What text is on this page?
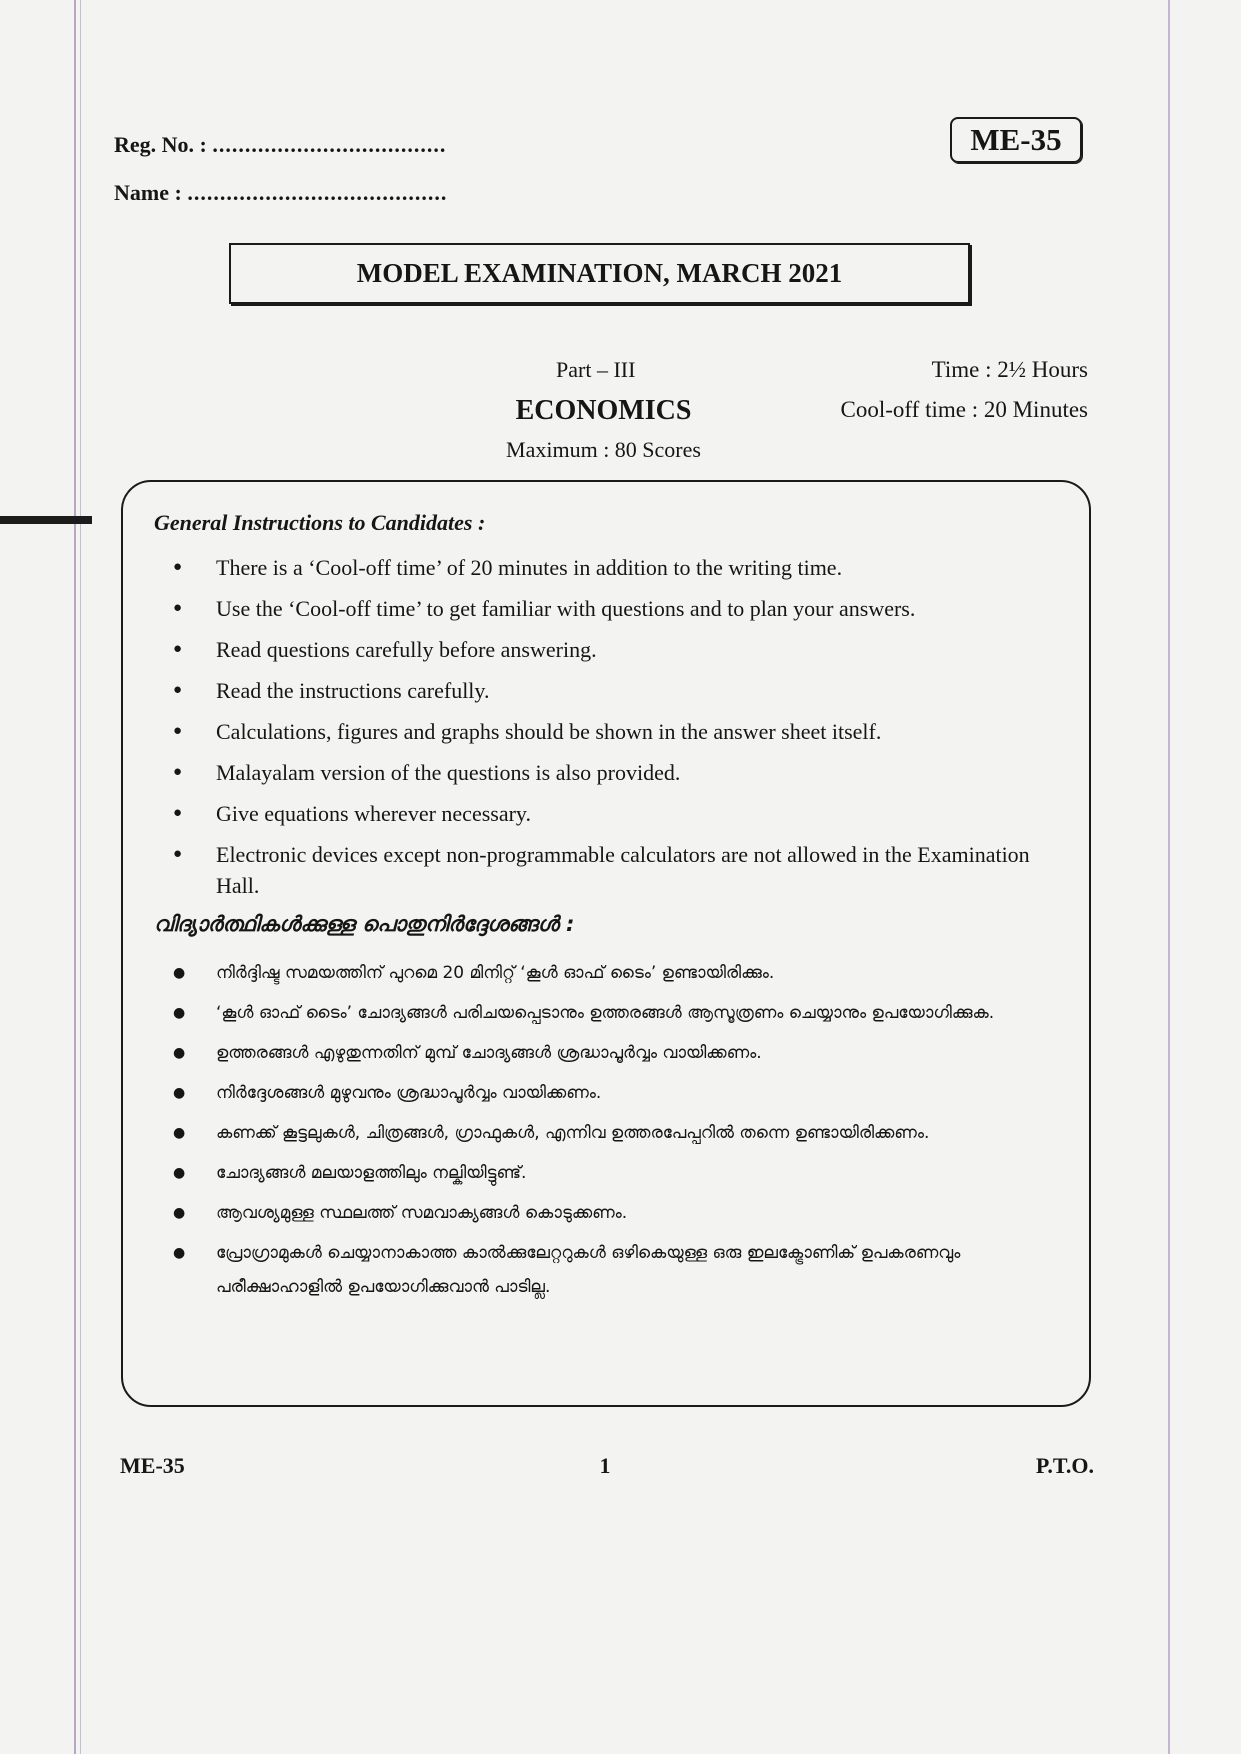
Reg. No. : ....................................
Name : ........................................
ME-35
MODEL EXAMINATION, MARCH 2021
Part – III
ECONOMICS
Maximum : 80 Scores
Time : 2½ Hours
Cool-off time : 20 Minutes
General Instructions to Candidates :
● There is a ‘Cool-off time’ of 20 minutes in addition to the writing time.
● Use the ‘Cool-off time’ to get familiar with questions and to plan your answers.
● Read questions carefully before answering.
● Read the instructions carefully.
● Calculations, figures and graphs should be shown in the answer sheet itself.
● Malayalam version of the questions is also provided.
● Give equations wherever necessary.
● Electronic devices except non-programmable calculators are not allowed in the Examination Hall.
വിദ്യാർത്ഥികൾക്കുള്ള പൊതുനിർദ്ദേശങ്ങൾ :
● നിർദ്ദിഷ്ട സമയത്തിന് പുറമെ 20 മിനിറ്റ് ‘കൂൾ ഓഫ് ടൈം’ ഉണ്ടായിരിക്കും.
● ‘കൂൾ ഓഫ് ടൈം’ ചോദ്യങ്ങൾ പരിചയപ്പെടാനും ഉത്തരങ്ങൾ ആസൂത്രണം ചെയ്യാനും ഉപയോഗിക്കുക.
● ഉത്തരങ്ങൾ എഴുതുന്നതിന് മുമ്പ് ചോദ്യങ്ങൾ ശ്രദ്ധാപൂർവ്വം വായിക്കണം.
● നിർദ്ദേശങ്ങൾ മുഴുവനും ശ്രദ്ധാപൂർവ്വം വായിക്കണം.
● കണക്ക് കൂട്ടലുകൾ, ചിത്രങ്ങൾ, ഗ്രാഫുകൾ, എന്നിവ ഉത്തരപേപ്പറിൽ തന്നെ ഉണ്ടായിരിക്കണം.
● ചോദ്യങ്ങൾ മലയാളത്തിലും നല്കിയിട്ടുണ്ട്.
● ആവശ്യമുള്ള സ്ഥലത്ത് സമവാക്യങ്ങൾ കൊടുക്കണം.
● പ്രോഗ്രാമുകൾ ചെയ്യാനാകാത്ത കാൽക്കുലേറ്ററുകൾ ഒഴികെയുള്ള ഒരു ഇലക്ട്രോണിക് ഉപകരണവും പരീക്ഷാഹാളിൽ ഉപയോഗിക്കുവാൻ പാടില്ല.
ME-35	1	P.T.O.
